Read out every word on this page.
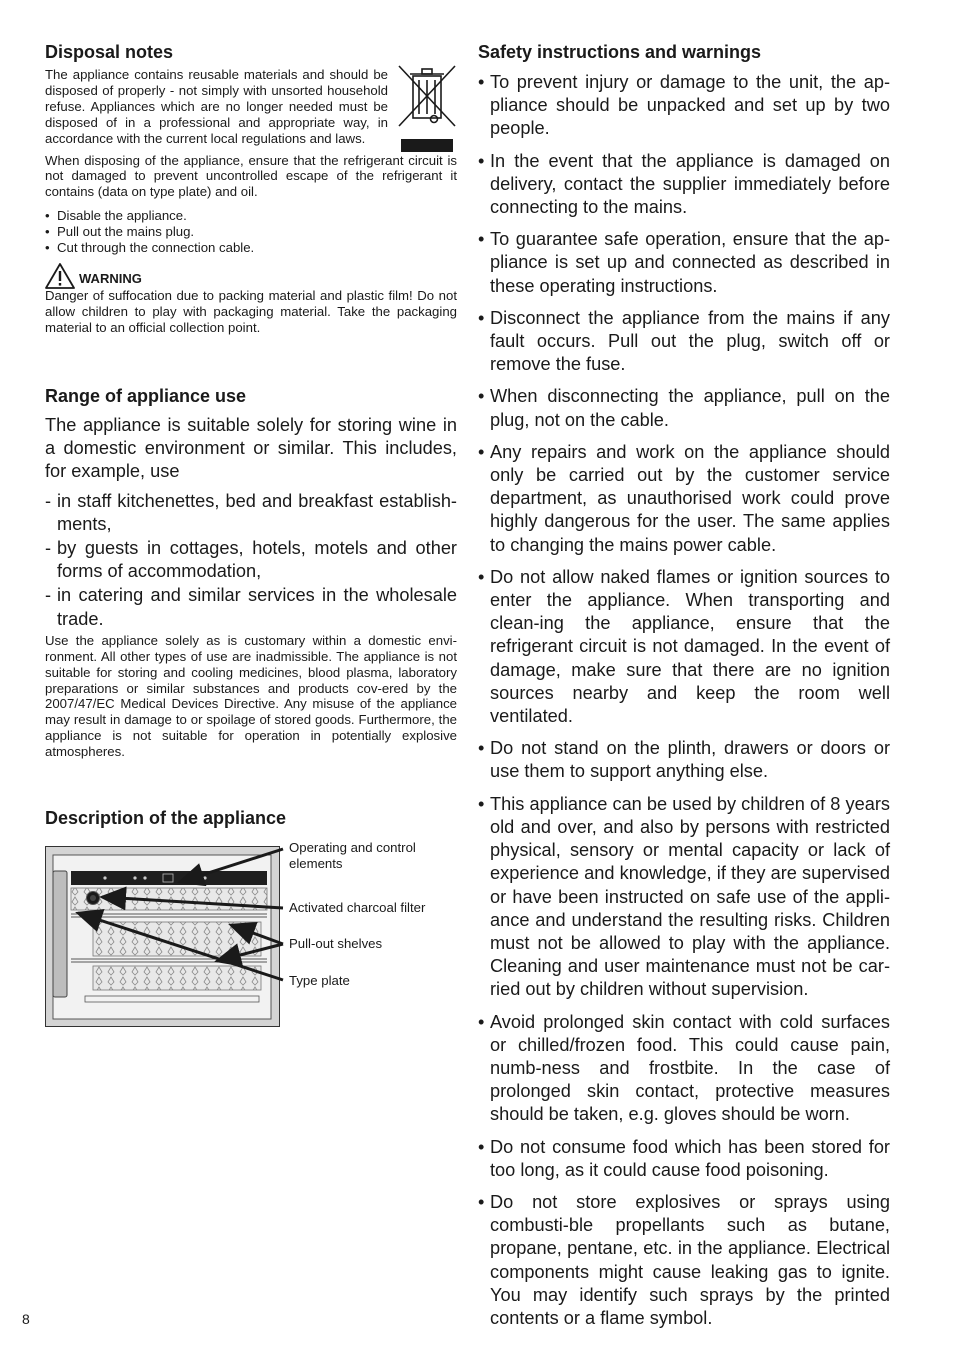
Disposal notes

The appliance contains reusable materials and should be disposed of properly - not simply with unsorted household refuse. Appliances which are no longer needed must be disposed of in a professional and appropriate way, in accordance with the current local regulations and laws.

When disposing of the appliance, ensure that the refrigerant circuit is not damaged to prevent uncontrolled escape of the refrigerant it contains (data on type plate) and oil.

• Disable the appliance.
• Pull out the mains plug.
• Cut through the connection cable.
WARNING

Danger of suffocation due to packing material and plastic film! Do not allow children to play with packaging material. Take the packaging material to an official collection point.

Range of appliance use

The appliance is suitable solely for storing wine in a domestic environment or similar. This includes, for example, use

- in staff kitchenettes, bed and breakfast establish-ments,
- by guests in cottages, hotels, motels and other forms of accommodation,
- in catering and similar services in the wholesale trade.

Use the appliance solely as is customary within a domestic envi-ronment. All other types of use are inadmissible. The appliance is not suitable for storing and cooling medicines, blood plasma, laboratory preparations or similar substances and products cov-ered by the 2007/47/EC Medical Devices Directive. Any misuse of the appliance may result in damage to or spoilage of stored goods. Furthermore, the appliance is not suitable for operation in potentially explosive atmospheres.

Description of the appliance
Operating and control elements
Activated charcoal filter
Pull-out shelves
Type plate
Safety instructions and warnings
• To prevent injury or damage to the unit, the ap-pliance should be unpacked and set up by two people.
• In the event that the appliance is damaged on delivery, contact the supplier immediately before connecting to the mains.
• To guarantee safe operation, ensure that the ap-pliance is set up and connected as described in these operating instructions.
• Disconnect the appliance from the mains if any fault occurs. Pull out the plug, switch off or remove the fuse.
• When disconnecting the appliance, pull on the plug, not on the cable.
• Any repairs and work on the appliance should only be carried out by the customer service department, as unauthorised work could prove highly dangerous for the user. The same applies to changing the mains power cable.
• Do not allow naked flames or ignition sources to enter the appliance. When transporting and clean-ing the appliance, ensure that the refrigerant circuit is not damaged. In the event of damage, make sure that there are no ignition sources nearby and keep the room well ventilated.
• Do not stand on the plinth, drawers or doors or use them to support anything else.
• This appliance can be used by children of 8 years old and over, and also by persons with restricted physical, sensory or mental capacity or lack of experience and knowledge, if they are supervised or have been instructed on safe use of the appli-ance and understand the resulting risks. Children must not be allowed to play with the appliance. Cleaning and user maintenance must not be car-ried out by children without supervision.
• Avoid prolonged skin contact with cold surfaces or chilled/frozen food. This could cause pain, numb-ness and frostbite. In the case of prolonged skin contact, protective measures should be taken, e.g. gloves should be worn.
• Do not consume food which has been stored for too long, as it could cause food poisoning.
• Do not store explosives or sprays using combusti-ble propellants such as butane, propane, pentane, etc. in the appliance. Electrical components might cause leaking gas to ignite. You may identify such sprays by the printed contents or a flame symbol.
8
